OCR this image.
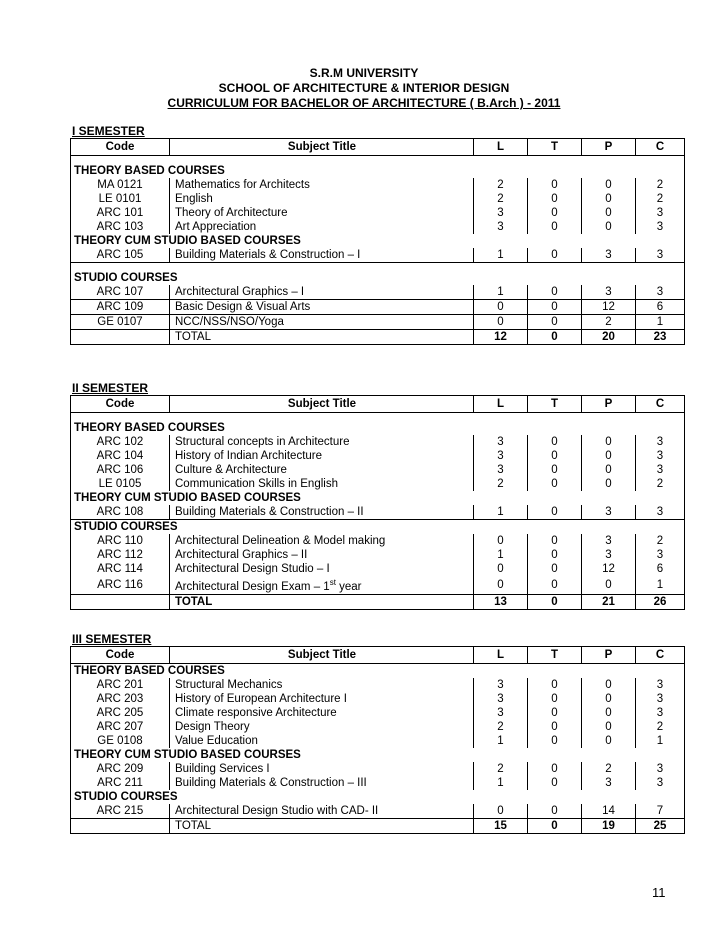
S.R.M UNIVERSITY
SCHOOL OF ARCHITECTURE & INTERIOR DESIGN
CURRICULUM FOR BACHELOR OF ARCHITECTURE ( B.Arch ) - 2011
I SEMESTER
Code	Subject Title	L	T	P	C

THEORY BASED COURSES					
MA 0121	Mathematics for Architects	2	0	0	2
LE 0101	English	2	0	0	2
ARC 101	Theory of Architecture	3	0	0	3
ARC 103	Art Appreciation	3	0	0	3
THEORY CUM STUDIO BASED COURSES					
ARC 105	Building Materials & Construction – I	1	0	3	3

STUDIO COURSES					
ARC 107	Architectural Graphics – I	1	0	3	3
ARC 109	Basic Design & Visual Arts	0	0	12	6
GE 0107	NCC/NSS/NSO/Yoga	0	0	2	1
	TOTAL	12	0	20	23
II SEMESTER
Code	Subject Title	L	T	P	C

THEORY BASED COURSES					
ARC 102	Structural concepts in Architecture	3	0	0	3
ARC 104	History of Indian Architecture	3	0	0	3
ARC 106	Culture & Architecture	3	0	0	3
LE 0105	Communication Skills in English	2	0	0	2
THEORY CUM STUDIO BASED COURSES					
ARC 108	Building Materials & Construction – II	1	0	3	3
STUDIO COURSES					
ARC 110	Architectural Delineation & Model making	0	0	3	2
ARC 112	Architectural Graphics – II	1	0	3	3
ARC 114	Architectural Design Studio – I	0	0	12	6
ARC 116	Architectural Design Exam – 1st year	0	0	0	1
	TOTAL	13	0	21	26
III SEMESTER
Code	Subject Title	L	T	P	C
THEORY BASED COURSES					
ARC 201	Structural Mechanics	3	0	0	3
ARC 203	History of European Architecture I	3	0	0	3
ARC 205	Climate responsive Architecture	3	0	0	3
ARC 207	Design Theory	2	0	0	2
GE 0108	Value Education	1	0	0	1
THEORY CUM STUDIO BASED COURSES					
ARC 209	Building Services I	2	0	2	3
ARC 211	Building Materials & Construction – III	1	0	3	3
STUDIO COURSES					
ARC 215	Architectural Design Studio with CAD- II	0	0	14	7
	TOTAL	15	0	19	25
11
